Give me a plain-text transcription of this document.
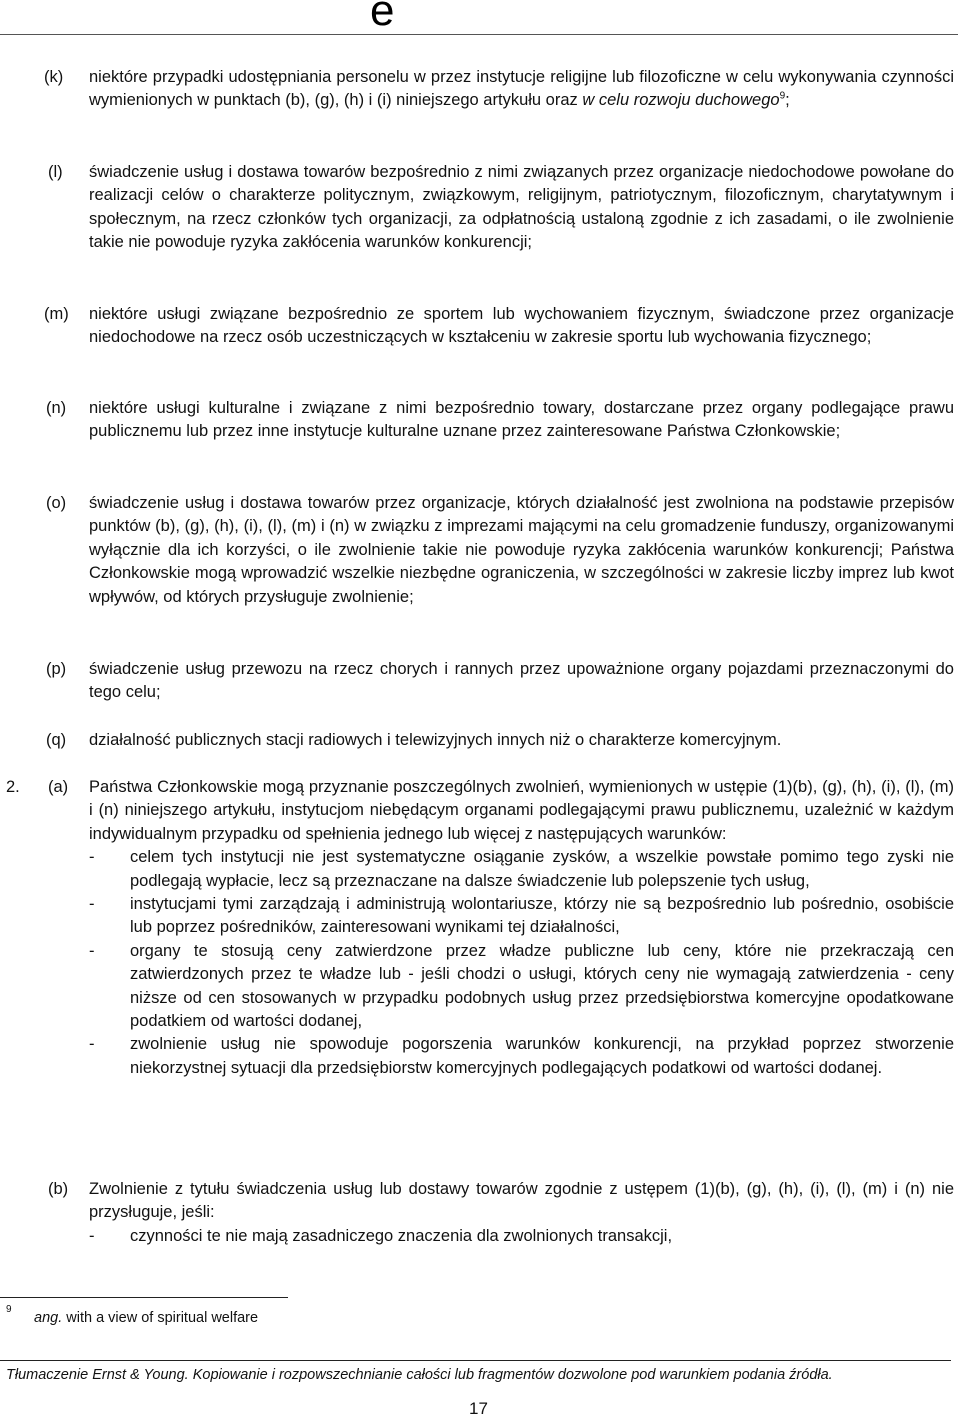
e
(k) niektóre przypadki udostępniania personelu w przez instytucje religijne lub filozoficzne w celu wykonywania czynności wymienionych w punktach (b), (g), (h) i (i) niniejszego artykułu oraz w celu rozwoju duchowego$^9$;
(l) świadczenie usług i dostawa towarów bezpośrednio z nimi związanych przez organizacje niedochodowe powołane do realizacji celów o charakterze politycznym, związkowym, religijnym, patriotycznym, filozoficznym, charytatywnym i społecznym, na rzecz członków tych organizacji, za odpłatnością ustaloną zgodnie z ich zasadami, o ile zwolnienie takie nie powoduje ryzyka zakłócenia warunków konkurencji;
(m) niektóre usługi związane bezpośrednio ze sportem lub wychowaniem fizycznym, świadczone przez organizacje niedochodowe na rzecz osób uczestniczących w kształceniu w zakresie sportu lub wychowania fizycznego;
(n) niektóre usługi kulturalne i związane z nimi bezpośrednio towary, dostarczane przez organy podlegające prawu publicznemu lub przez inne instytucje kulturalne uznane przez zainteresowane Państwa Członkowskie;
(o) świadczenie usług i dostawa towarów przez organizacje, których działalność jest zwolniona na podstawie przepisów punktów (b), (g), (h), (i), (l), (m) i (n) w związku z imprezami mającymi na celu gromadzenie funduszy, organizowanymi wyłącznie dla ich korzyści, o ile zwolnienie takie nie powoduje ryzyka zakłócenia warunków konkurencji; Państwa Członkowskie mogą wprowadzić wszelkie niezbędne ograniczenia, w szczególności w zakresie liczby imprez lub kwot wpływów, od których przysługuje zwolnienie;
(p) świadczenie usług przewozu na rzecz chorych i rannych przez upoważnione organy pojazdami przeznaczonymi do tego celu;
(q) działalność publicznych stacji radiowych i telewizyjnych innych niż o charakterze komercyjnym.
2. (a) Państwa Członkowskie mogą przyznanie poszczególnych zwolnień, wymienionych w ustępie (1)(b), (g), (h), (i), (l), (m) i (n) niniejszego artykułu, instytucjom niebędącym organami podlegającymi prawu publicznemu, uzależnić w każdym indywidualnym przypadku od spełnienia jednego lub więcej z następujących warunków:
- celem tych instytucji nie jest systematyczne osiąganie zysków, a wszelkie powstałe pomimo tego zyski nie podlegają wypłacie, lecz są przeznaczane na dalsze świadczenie lub polepszenie tych usług,
- instytucjami tymi zarządzają i administrują wolontariusze, którzy nie są bezpośrednio lub pośrednio, osobiście lub poprzez pośredników, zainteresowani wynikami tej działalności,
- organy te stosują ceny zatwierdzone przez władze publiczne lub ceny, które nie przekraczają cen zatwierdzonych przez te władze lub - jeśli chodzi o usługi, których ceny nie wymagają zatwierdzenia - ceny niższe od cen stosowanych w przypadku podobnych usług przez przedsiębiorstwa komercyjne opodatkowane podatkiem od wartości dodanej,
- zwolnienie usług nie spowoduje pogorszenia warunków konkurencji, na przykład poprzez stworzenie niekorzystnej sytuacji dla przedsiębiorstw komercyjnych podlegających podatkowi od wartości dodanej.
(b) Zwolnienie z tytułu świadczenia usług lub dostawy towarów zgodnie z ustępem (1)(b), (g), (h), (i), (l), (m) i (n) nie przysługuje, jeśli:
- czynności te nie mają zasadniczego znaczenia dla zwolnionych transakcji,
9
ang. with a view of spiritual welfare
Tłumaczenie Ernst & Young. Kopiowanie i rozpowszechnianie całości lub fragmentów dozwolone pod warunkiem podania źródła.
17
